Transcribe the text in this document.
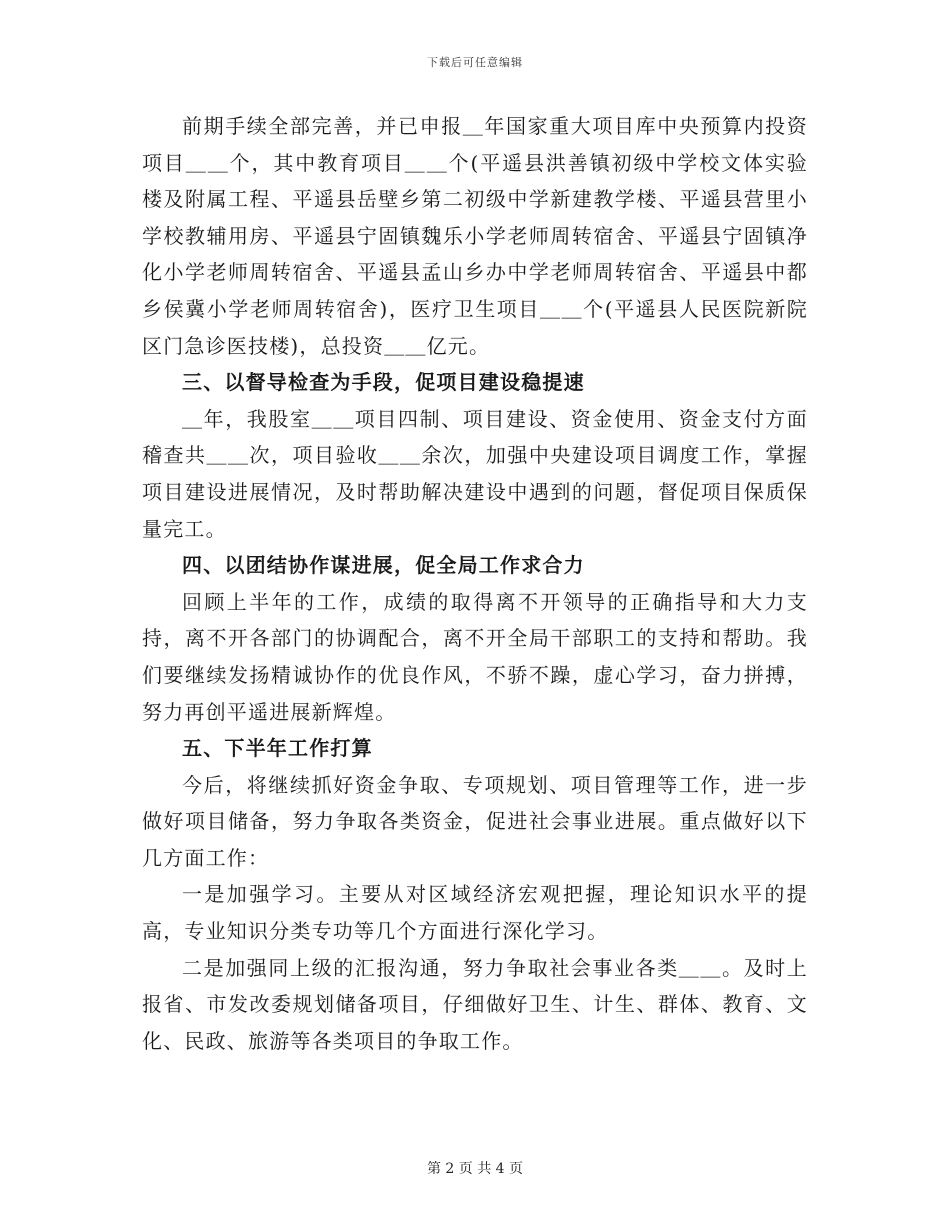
下载后可任意编辑

前期手续全部完善，并已申报＿年国家重大项目库中央预算内投资项目＿＿个，其中教育项目＿＿个(平遥县洪善镇初级中学校文体实验楼及附属工程、平遥县岳壁乡第二初级中学新建教学楼、平遥县营里小学校教辅用房、平遥县宁固镇魏乐小学老师周转宿舍、平遥县宁固镇净化小学老师周转宿舍、平遥县孟山乡办中学老师周转宿舍、平遥县中都乡侯冀小学老师周转宿舍)，医疗卫生项目＿＿个(平遥县人民医院新院区门急诊医技楼)，总投资＿＿亿元。

三、以督导检查为手段，促项目建设稳提速

＿年，我股室＿＿项目四制、项目建设、资金使用、资金支付方面稽查共＿＿次，项目验收＿＿余次，加强中央建设项目调度工作，掌握项目建设进展情况，及时帮助解决建设中遇到的问题，督促项目保质保量完工。

四、以团结协作谋进展，促全局工作求合力

回顾上半年的工作，成绩的取得离不开领导的正确指导和大力支持，离不开各部门的协调配合，离不开全局干部职工的支持和帮助。我们要继续发扬精诚协作的优良作风，不骄不躁，虚心学习，奋力拼搏，努力再创平遥进展新辉煌。

五、下半年工作打算

今后，将继续抓好资金争取、专项规划、项目管理等工作，进一步做好项目储备，努力争取各类资金，促进社会事业进展。重点做好以下几方面工作：

一是加强学习。主要从对区域经济宏观把握，理论知识水平的提高，专业知识分类专功等几个方面进行深化学习。

二是加强同上级的汇报沟通，努力争取社会事业各类＿＿。及时上报省、市发改委规划储备项目，仔细做好卫生、计生、群体、教育、文化、民政、旅游等各类项目的争取工作。

第 2 页 共 4 页
